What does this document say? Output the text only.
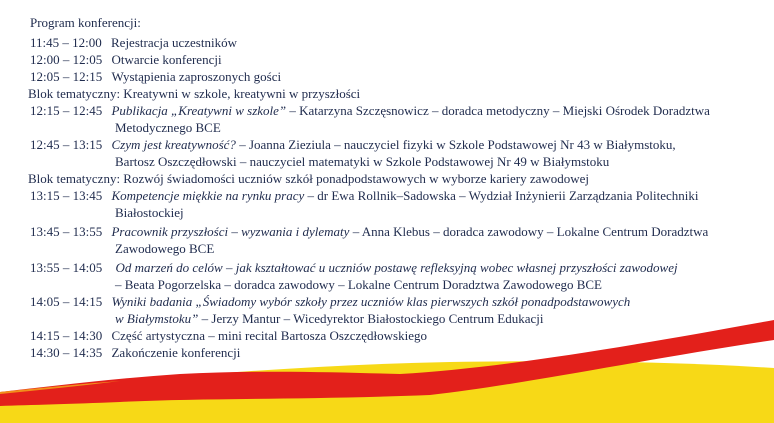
Program konferencji:
11:45 – 12:00 Rejestracja uczestników
12:00 – 12:05 Otwarcie konferencji
12:05 – 12:15 Wystąpienia zaproszonych gości
Blok tematyczny: Kreatywni w szkole, kreatywni w przyszłości
12:15 – 12:45 Publikacja „Kreatywni w szkole” – Katarzyna Szczęsnowicz – doradca metodyczny – Miejski Ośrodek Doradztwa
Metodycznego BCE
12:45 – 13:15 Czym jest kreatywność? – Joanna Zieziula – nauczyciel fizyki w Szkole Podstawowej Nr 43 w Białymstoku,
Bartosz Oszczędłowski – nauczyciel matematyki w Szkole Podstawowej Nr 49 w Białymstoku
Blok tematyczny: Rozwój świadomości uczniów szkół ponadpodstawowych w wyborze kariery zawodowej
13:15 – 13:45 Kompetencje miękkie na rynku pracy – dr Ewa Rollnik–Sadowska – Wydział Inżynierii Zarządzania Politechniki
Białostockiej
13:45 – 13:55 Pracownik przyszłości – wyzwania i dylematy – Anna Klebus – doradca zawodowy – Lokalne Centrum Doradztwa
Zawodowego BCE
13:55 – 14:05 Od marzeń do celów – jak kształtować u uczniów postawę refleksyjną wobec własnej przyszłości zawodowej
– Beata Pogorzelska – doradca zawodowy – Lokalne Centrum Doradztwa Zawodowego BCE
14:05 – 14:15 Wyniki badania „Świadomy wybór szkoły przez uczniów klas pierwszych szkół ponadpodstawowych
w Białymstoku” – Jerzy Mantur – Wicedyrektor Białostockiego Centrum Edukacji
14:15 – 14:30 Część artystyczna – mini recital Bartosza Oszczędłowskiego
14:30 – 14:35 Zakończenie konferencji
